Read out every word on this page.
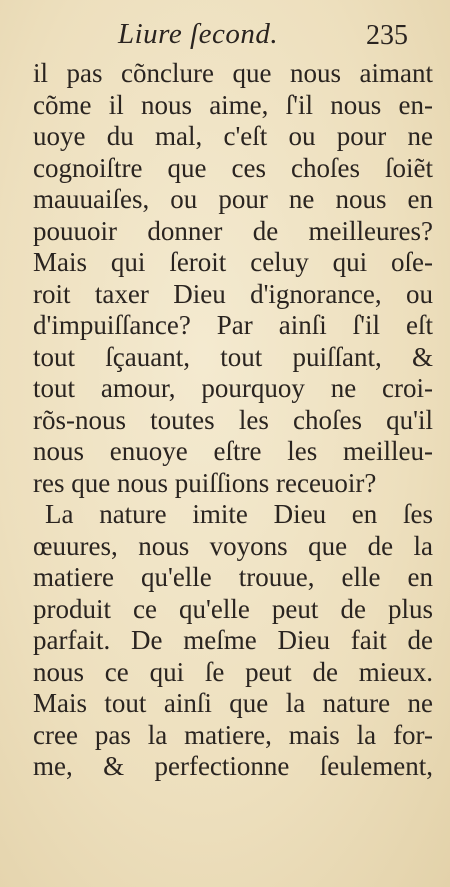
Liure ſecond.	235
il pas cõnclure que nous aimant
cõme il nous aime, ſ'il nous en-
uoye du mal, c'eſt ou pour ne
cognoiſtre que ces choſes ſoiẽt
mauuaiſes, ou pour ne nous en
pouuoir donner de meilleures?
Mais qui ſeroit celuy qui oſe-
roit taxer Dieu d'ignorance, ou
d'impuiſſance? Par ainſi ſ'il eſt
tout ſçauant, tout puiſſant, &
tout amour, pourquoy ne croi-
rõs-nous toutes les choſes qu'il
nous enuoye eſtre les meilleu-
res que nous puiſſions receuoir?
La nature imite Dieu en ſes
œuures, nous voyons que de la
matiere qu'elle trouue, elle en
produit ce qu'elle peut de plus
parfait. De meſme Dieu fait de
nous ce qui ſe peut de mieux.
Mais tout ainſi que la nature ne
cree pas la matiere, mais la for-
me, & perfectionne ſeulement,
